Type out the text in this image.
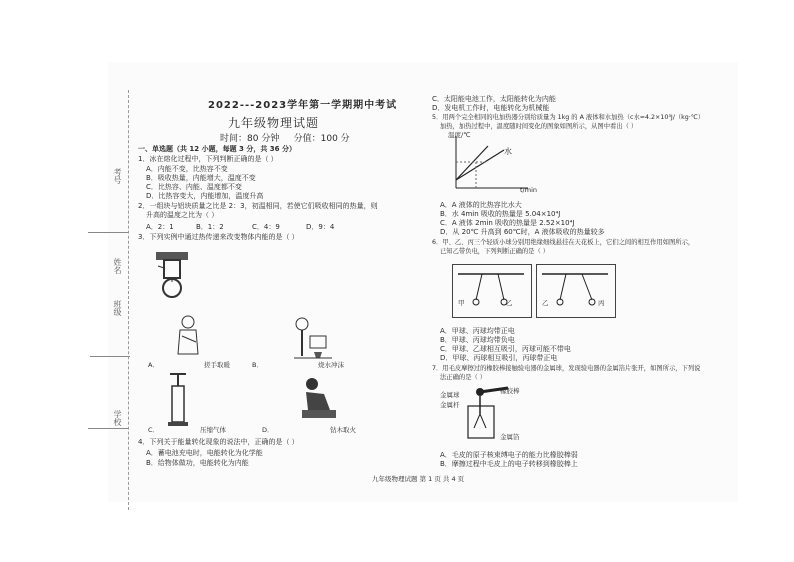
考号
姓名
班级
学校
2022---2023学年第一学期期中考试
九年级物理试题
时间：80 分钟 分值：100 分
一、单选题（共 12 小题，每题 3 分，共 36 分）
1．冰在熔化过程中，下列判断正确的是（ ）
A．内能不变，比热容不变
B．吸收热量，内能增大，温度不变
C．比热容、内能、温度都不变
D．比热容变大，内能增加，温度升高
2．一组块与铝块质量之比是 2：3，初温相同，若使它们吸收相同的热量，则
升高的温度之比为（ ）
A．2：1	B．1：2	C．4：9	D．9：4
3．下列实例中通过热传递来改变物体内能的是（ ）
A．	搓手取暖	B．	烧水冲沫
C．	压缩气体	D．	钻木取火
4．下列关于能量转化现象的说法中，正确的是（ ）
A．蓄电池充电时，电能转化为化学能
B．给物体做功，电能转化为内能
C．太阳能电池工作，太阳能转化为内能
D．发电机工作时，电能转化为机械能
5．用两个完全相同的电加热器分别给质量为 1kg 的 A 液体和水加热（c水=4.2×10³J/（kg·℃）
加热，加热过程中，温度随时间变化的图象如图所示，从图中看出（ ）
温度/℃
水
t/min
A．A 液体的比热容比水大
B．水 4min 吸收的热量是 5.04×10⁴J
C．A 液体 2min 吸收的热量是 2.52×10⁴J
D．从 20℃ 升高到 60℃时，A 液体吸收的热量较多
6．甲、乙、丙三个轻质小球分别用绝缘细线悬挂在天花板上，它们之间的相互作用如图所示，
已知乙带负电，下列判断正确的是（ ）
甲	乙	乙	丙
A．甲球、丙球均带正电
B．甲球、丙球均带负电
C．甲球、乙球相互吸引，丙球可能不带电
D．甲球、丙球相互吸引，丙球带正电
7．用毛皮摩擦过的橡胶棒接触验电器的金属球，发现验电器的金属箔片张开，如图所示，下列说
法正确的是（ ）
金属球
金属杆
橡胶棒
金属箔
A．毛皮的原子核束缚电子的能力比橡胶棒弱
B．摩擦过程中毛皮上的电子转移到橡胶棒上
九年级物理试题 第 1 页 共 4 页
